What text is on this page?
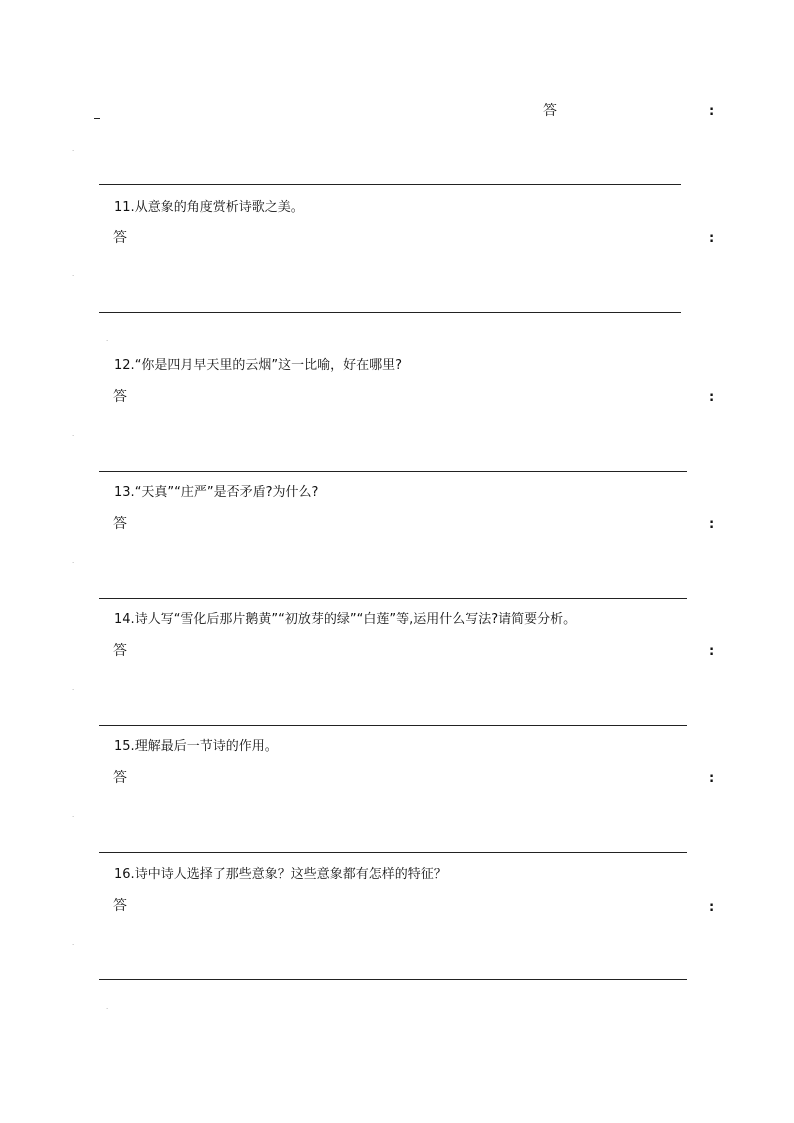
答	:
·
11.从意象的角度赏析诗歌之美。
答	:
·
·
12.“你是四月早天里的云烟”这一比喻，好在哪里?
答	:
·
13.“天真”“庄严”是否矛盾?为什么?
答	:
·
14.诗人写“雪化后那片鹅黄”“初放芽的绿”“白莲”等,运用什么写法?请简要分析。
答	:
·
15.理解最后一节诗的作用。
答	:
·
16.诗中诗人选择了那些意象？这些意象都有怎样的特征？
答	:
·
·
